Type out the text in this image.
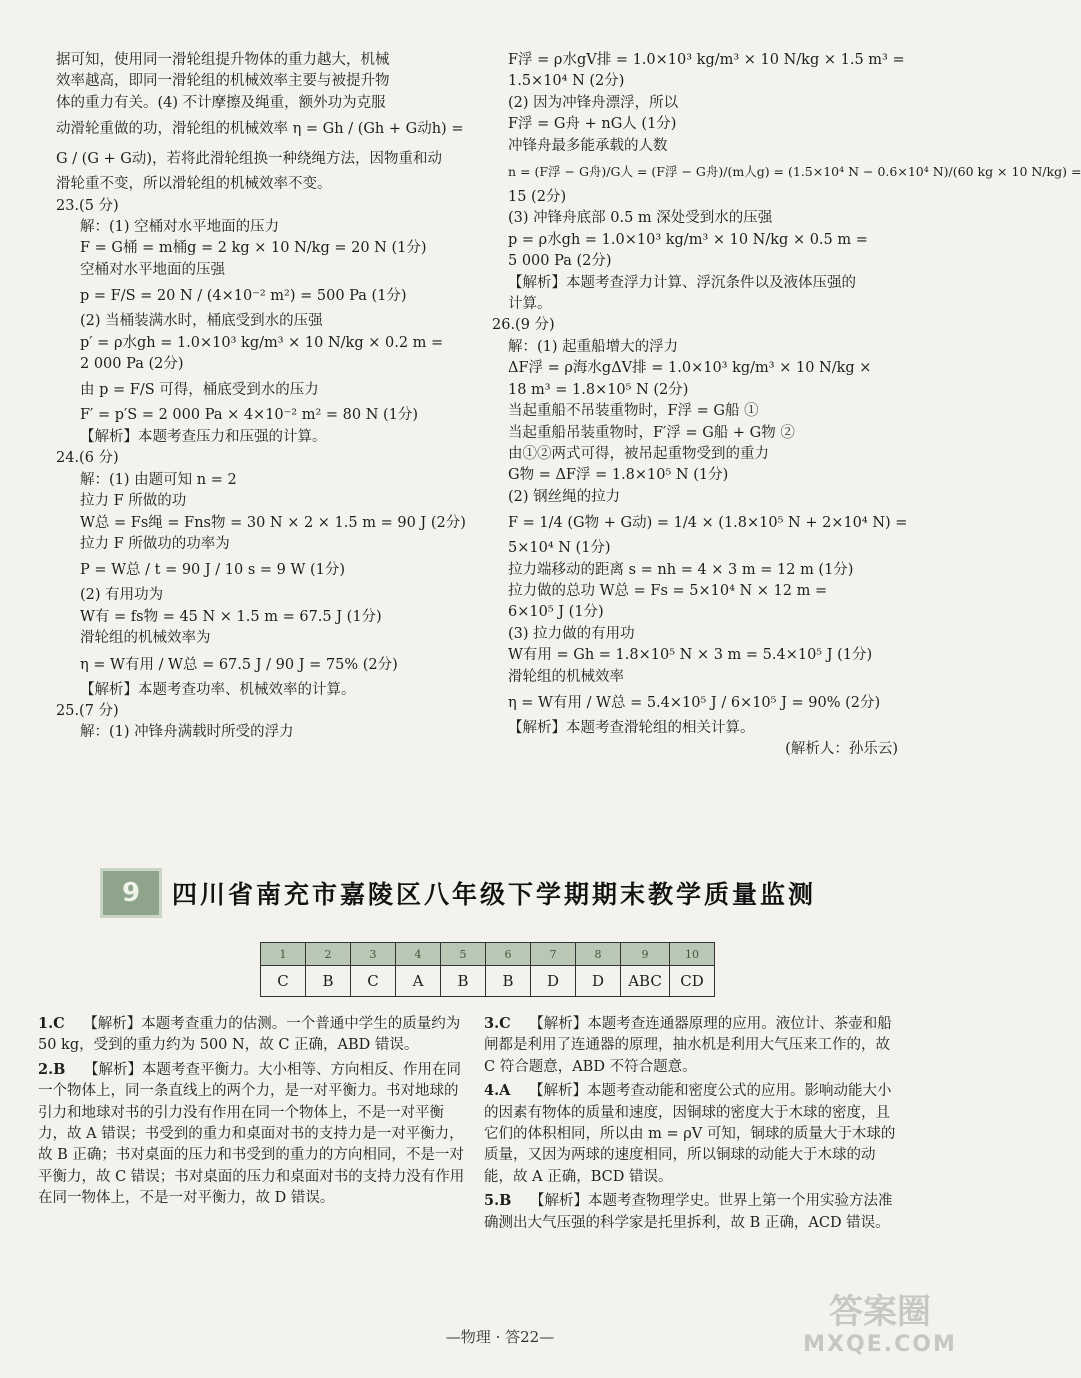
据可知，使用同一滑轮组提升物体的重力越大，机械
效率越高，即同一滑轮组的机械效率主要与被提升物
体的重力有关。(4) 不计摩擦及绳重，额外功为克服
动滑轮重做的功，滑轮组的机械效率 η = Gh / (Gh + G动h) =
G / (G + G动)，若将此滑轮组换一种绕绳方法，因物重和动
滑轮重不变，所以滑轮组的机械效率不变。
23.(5 分)
解：(1) 空桶对水平地面的压力
F = G桶 = m桶g = 2 kg × 10 N/kg = 20 N (1分)
空桶对水平地面的压强
p = F/S = 20 N / (4×10⁻² m²) = 500 Pa (1分)
(2) 当桶装满水时，桶底受到水的压强
p′ = ρ水gh = 1.0×10³ kg/m³ × 10 N/kg × 0.2 m =
2 000 Pa (2分)
由 p = F/S 可得，桶底受到水的压力
F′ = p′S = 2 000 Pa × 4×10⁻² m² = 80 N (1分)
【解析】本题考查压力和压强的计算。
24.(6 分)
解：(1) 由题可知 n = 2
拉力 F 所做的功
W总 = Fs绳 = Fns物 = 30 N × 2 × 1.5 m = 90 J (2分)
拉力 F 所做功的功率为
P = W总 / t = 90 J / 10 s = 9 W (1分)
(2) 有用功为
W有 = fs物 = 45 N × 1.5 m = 67.5 J (1分)
滑轮组的机械效率为
η = W有用 / W总 = 67.5 J / 90 J = 75% (2分)
【解析】本题考查功率、机械效率的计算。
25.(7 分)
解：(1) 冲锋舟满载时所受的浮力
F浮 = ρ水gV排 = 1.0×10³ kg/m³ × 10 N/kg × 1.5 m³ =
1.5×10⁴ N (2分)
(2) 因为冲锋舟漂浮，所以
F浮 = G舟 + nG人 (1分)
冲锋舟最多能承载的人数
n = (F浮 − G舟)/G人 = (F浮 − G舟)/(m人g) = (1.5×10⁴ N − 0.6×10⁴ N)/(60 kg × 10 N/kg) =
15 (2分)
(3) 冲锋舟底部 0.5 m 深处受到水的压强
p = ρ水gh = 1.0×10³ kg/m³ × 10 N/kg × 0.5 m =
5 000 Pa (2分)
【解析】本题考查浮力计算、浮沉条件以及液体压强的
计算。
26.(9 分)
解：(1) 起重船增大的浮力
ΔF浮 = ρ海水gΔV排 = 1.0×10³ kg/m³ × 10 N/kg ×
18 m³ = 1.8×10⁵ N (2分)
当起重船不吊装重物时，F浮 = G船 ①
当起重船吊装重物时，F′浮 = G船 + G物 ②
由①②两式可得，被吊起重物受到的重力
G物 = ΔF浮 = 1.8×10⁵ N (1分)
(2) 钢丝绳的拉力
F = 1/4 (G物 + G动) = 1/4 × (1.8×10⁵ N + 2×10⁴ N) =
5×10⁴ N (1分)
拉力端移动的距离 s = nh = 4 × 3 m = 12 m (1分)
拉力做的总功 W总 = Fs = 5×10⁴ N × 12 m =
6×10⁵ J (1分)
(3) 拉力做的有用功
W有用 = Gh = 1.8×10⁵ N × 3 m = 5.4×10⁵ J (1分)
滑轮组的机械效率
η = W有用 / W总 = 5.4×10⁵ J / 6×10⁵ J = 90% (2分)
【解析】本题考查滑轮组的相关计算。
(解析人：孙乐云)
9	四川省南充市嘉陵区八年级下学期期末教学质量监测
1	2	3	4	5	6	7	8	9	10
C	B	C	A	B	B	D	D	ABC	CD

1.C 【解析】本题考查重力的估测。一个普通中学生的质量约为 50 kg，受到的重力约为 500 N，故 C 正确，ABD 错误。

2.B 【解析】本题考查平衡力。大小相等、方向相反、作用在同一个物体上，同一条直线上的两个力，是一对平衡力。书对地球的引力和地球对书的引力没有作用在同一个物体上，不是一对平衡力，故 A 错误；书受到的重力和桌面对书的支持力是一对平衡力，故 B 正确；书对桌面的压力和书受到的重力的方向相同，不是一对平衡力，故 C 错误；书对桌面的压力和桌面对书的支持力没有作用在同一物体上，不是一对平衡力，故 D 错误。

3.C 【解析】本题考查连通器原理的应用。液位计、茶壶和船闸都是利用了连通器的原理，抽水机是利用大气压来工作的，故 C 符合题意，ABD 不符合题意。

4.A 【解析】本题考查动能和密度公式的应用。影响动能大小的因素有物体的质量和速度，因铜球的密度大于木球的密度，且它们的体积相同，所以由 m = ρV 可知，铜球的质量大于木球的质量，又因为两球的速度相同，所以铜球的动能大于木球的动能，故 A 正确，BCD 错误。

5.B 【解析】本题考查物理学史。世界上第一个用实验方法准确测出大气压强的科学家是托里拆利，故 B 正确，ACD 错误。

—物理 · 答22—
答案圈
MXQE.COM
